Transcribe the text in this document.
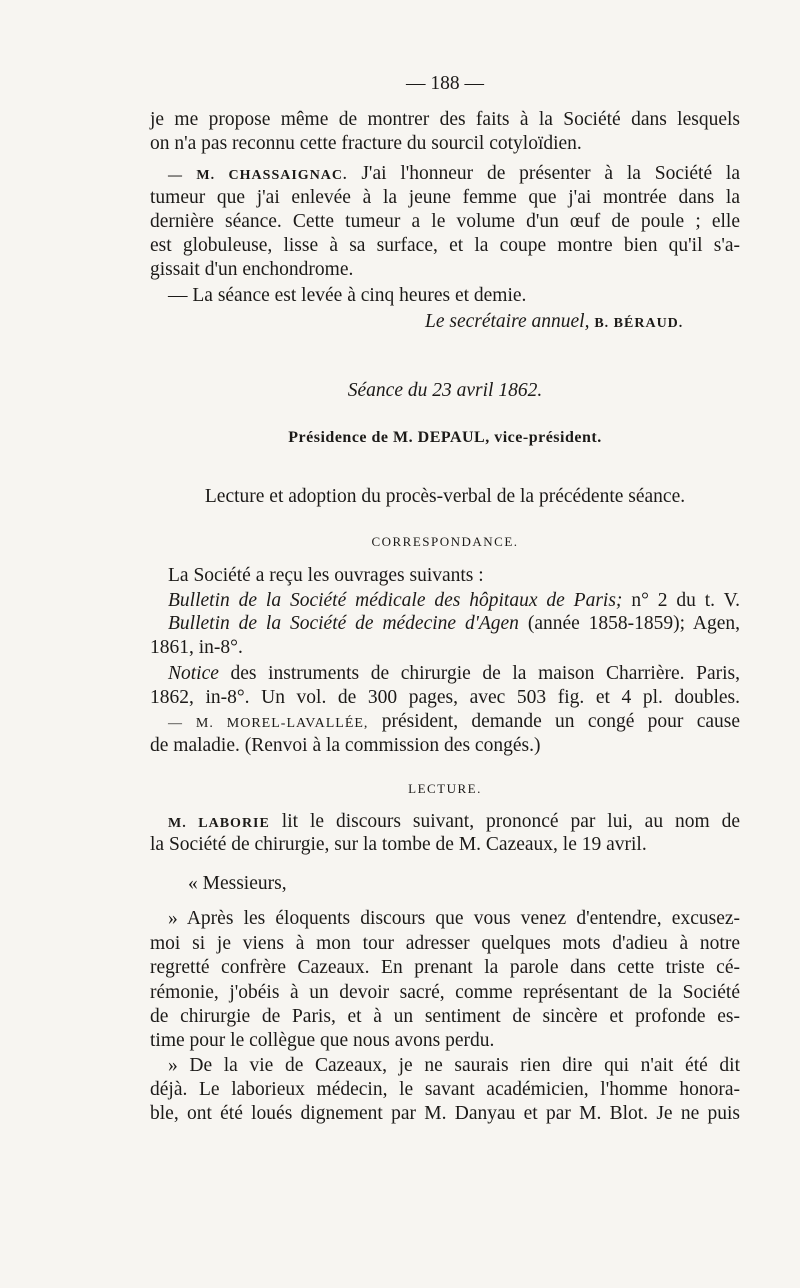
— 188 —
je me propose même de montrer des faits à la Société dans lesquels
on n'a pas reconnu cette fracture du sourcil cotyloïdien.
— M. CHASSAIGNAC. J'ai l'honneur de présenter à la Société la
tumeur que j'ai enlevée à la jeune femme que j'ai montrée dans la
dernière séance. Cette tumeur a le volume d'un œuf de poule ; elle
est globuleuse, lisse à sa surface, et la coupe montre bien qu'il s'a-
gissait d'un enchondrome.
— La séance est levée à cinq heures et demie.
Le secrétaire annuel, B. BÉRAUD.
Séance du 23 avril 1862.
Présidence de M. DEPAUL, vice-président.
Lecture et adoption du procès-verbal de la précédente séance.
CORRESPONDANCE.
La Société a reçu les ouvrages suivants :
Bulletin de la Société médicale des hôpitaux de Paris; n° 2 du t. V.
Bulletin de la Société de médecine d'Agen (année 1858-1859); Agen,
1861, in-8°.
Notice des instruments de chirurgie de la maison Charrière. Paris,
1862, in-8°. Un vol. de 300 pages, avec 503 fig. et 4 pl. doubles.
— M. MOREL-LAVALLÉE, président, demande un congé pour cause
de maladie. (Renvoi à la commission des congés.)
LECTURE.
M. LABORIE lit le discours suivant, prononcé par lui, au nom de
la Société de chirurgie, sur la tombe de M. Cazeaux, le 19 avril.
« Messieurs,
» Après les éloquents discours que vous venez d'entendre, excusez-
moi si je viens à mon tour adresser quelques mots d'adieu à notre
regretté confrère Cazeaux. En prenant la parole dans cette triste cé-
rémonie, j'obéis à un devoir sacré, comme représentant de la Société
de chirurgie de Paris, et à un sentiment de sincère et profonde es-
time pour le collègue que nous avons perdu.
» De la vie de Cazeaux, je ne saurais rien dire qui n'ait été dit
déjà. Le laborieux médecin, le savant académicien, l'homme honora-
ble, ont été loués dignement par M. Danyau et par M. Blot. Je ne puis
